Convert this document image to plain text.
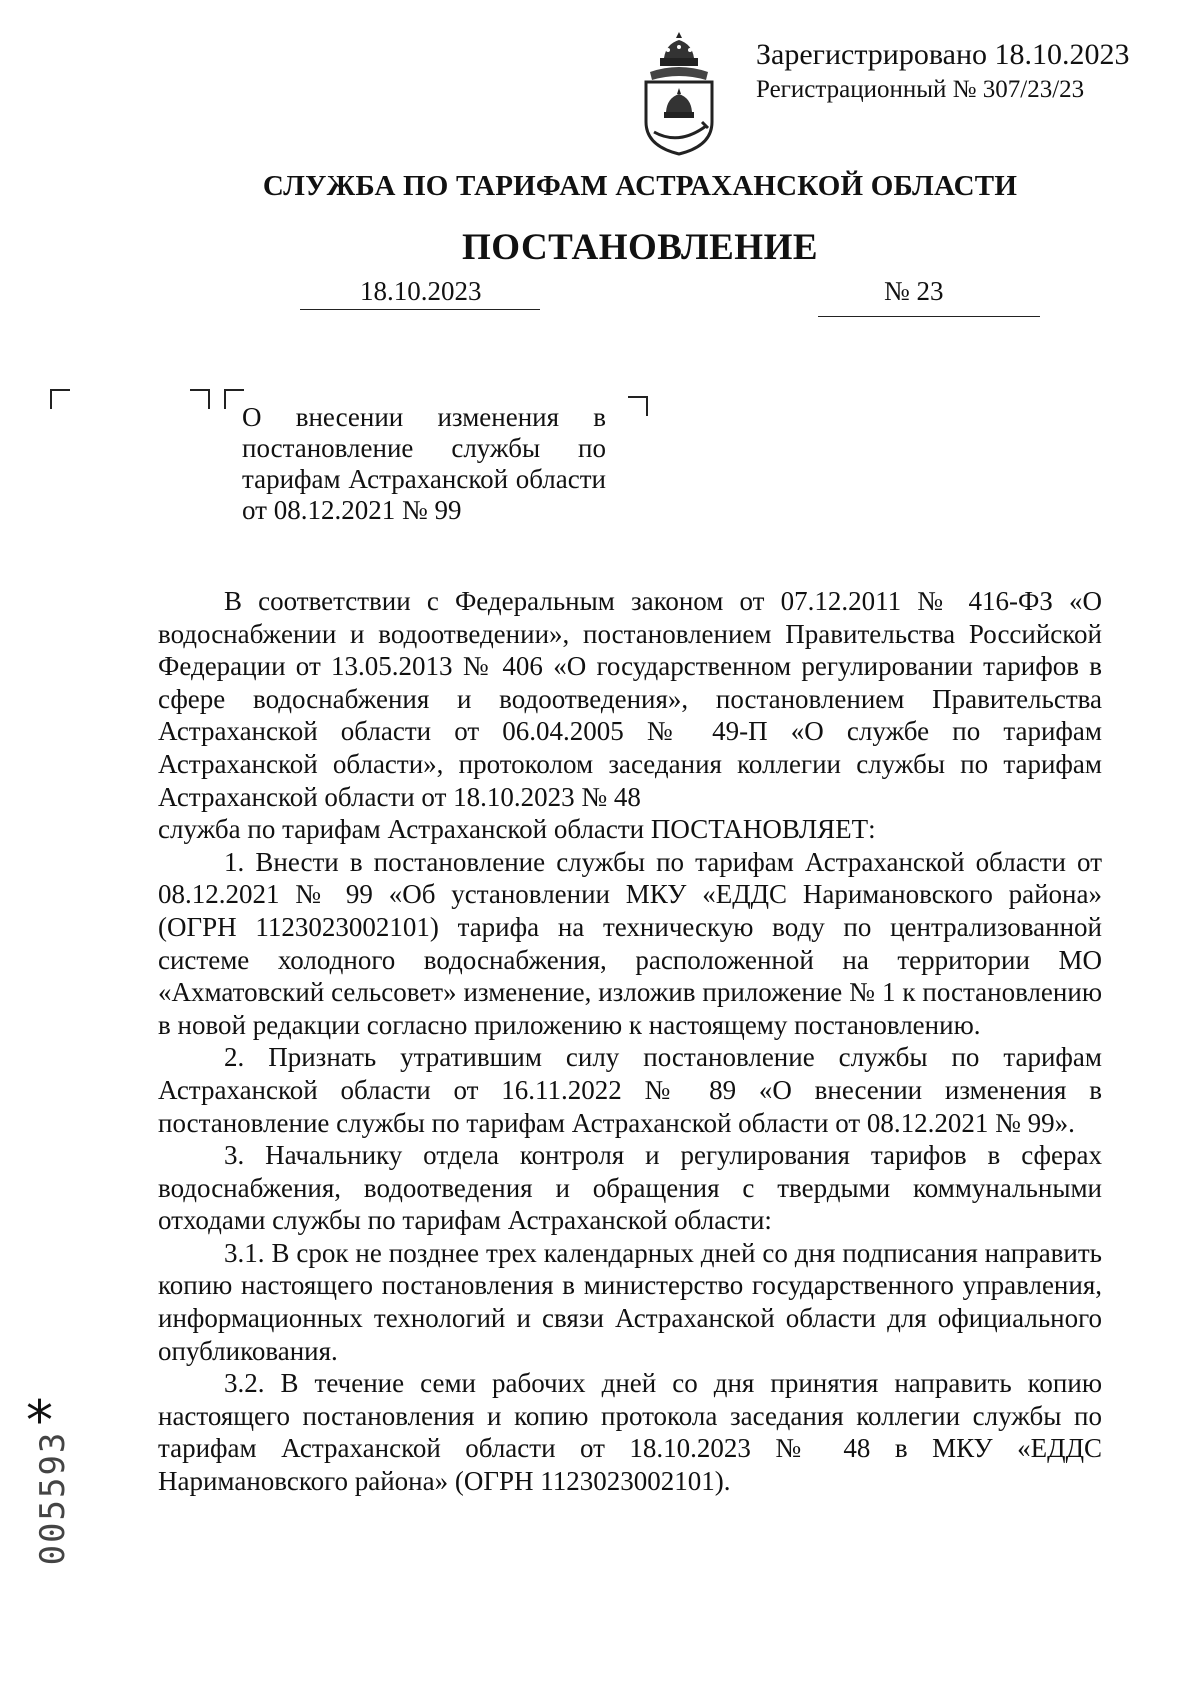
Зарегистрировано 18.10.2023
Регистрационный № 307/23/23
СЛУЖБА ПО ТАРИФАМ АСТРАХАНСКОЙ ОБЛАСТИ
ПОСТАНОВЛЕНИЕ
18.10.2023	№ 23
О внесении изменения в постановление службы по тарифам Астраханской области от 08.12.2021 № 99

В соответствии с Федеральным законом от 07.12.2011 № 416-ФЗ «О водоснабжении и водоотведении», постановлением Правительства Российской Федерации от 13.05.2013 № 406 «О государственном регулировании тарифов в сфере водоснабжения и водоотведения», постановлением Правительства Астраханской области от 06.04.2005 № 49-П «О службе по тарифам Астраханской области», протоколом заседания коллегии службы по тарифам Астраханской области от 18.10.2023 № 48

служба по тарифам Астраханской области ПОСТАНОВЛЯЕТ:

1. Внести в постановление службы по тарифам Астраханской области от 08.12.2021 № 99 «Об установлении МКУ «ЕДДС Наримановского района» (ОГРН 1123023002101) тарифа на техническую воду по централизованной системе холодного водоснабжения, расположенной на территории МО «Ахматовский сельсовет» изменение, изложив приложение № 1 к постановлению в новой редакции согласно приложению к настоящему постановлению.

2. Признать утратившим силу постановление службы по тарифам Астраханской области от 16.11.2022 № 89 «О внесении изменения в постановление службы по тарифам Астраханской области от 08.12.2021 № 99».

3. Начальнику отдела контроля и регулирования тарифов в сферах водоснабжения, водоотведения и обращения с твердыми коммунальными отходами службы по тарифам Астраханской области:

3.1. В срок не позднее трех календарных дней со дня подписания направить копию настоящего постановления в министерство государственного управления, информационных технологий и связи Астраханской области для официального опубликования.

3.2. В течение семи рабочих дней со дня принятия направить копию настоящего постановления и копию протокола заседания коллегии службы по тарифам Астраханской области от 18.10.2023 № 48 в МКУ «ЕДДС Наримановского района» (ОГРН 1123023002101).

*
005593
